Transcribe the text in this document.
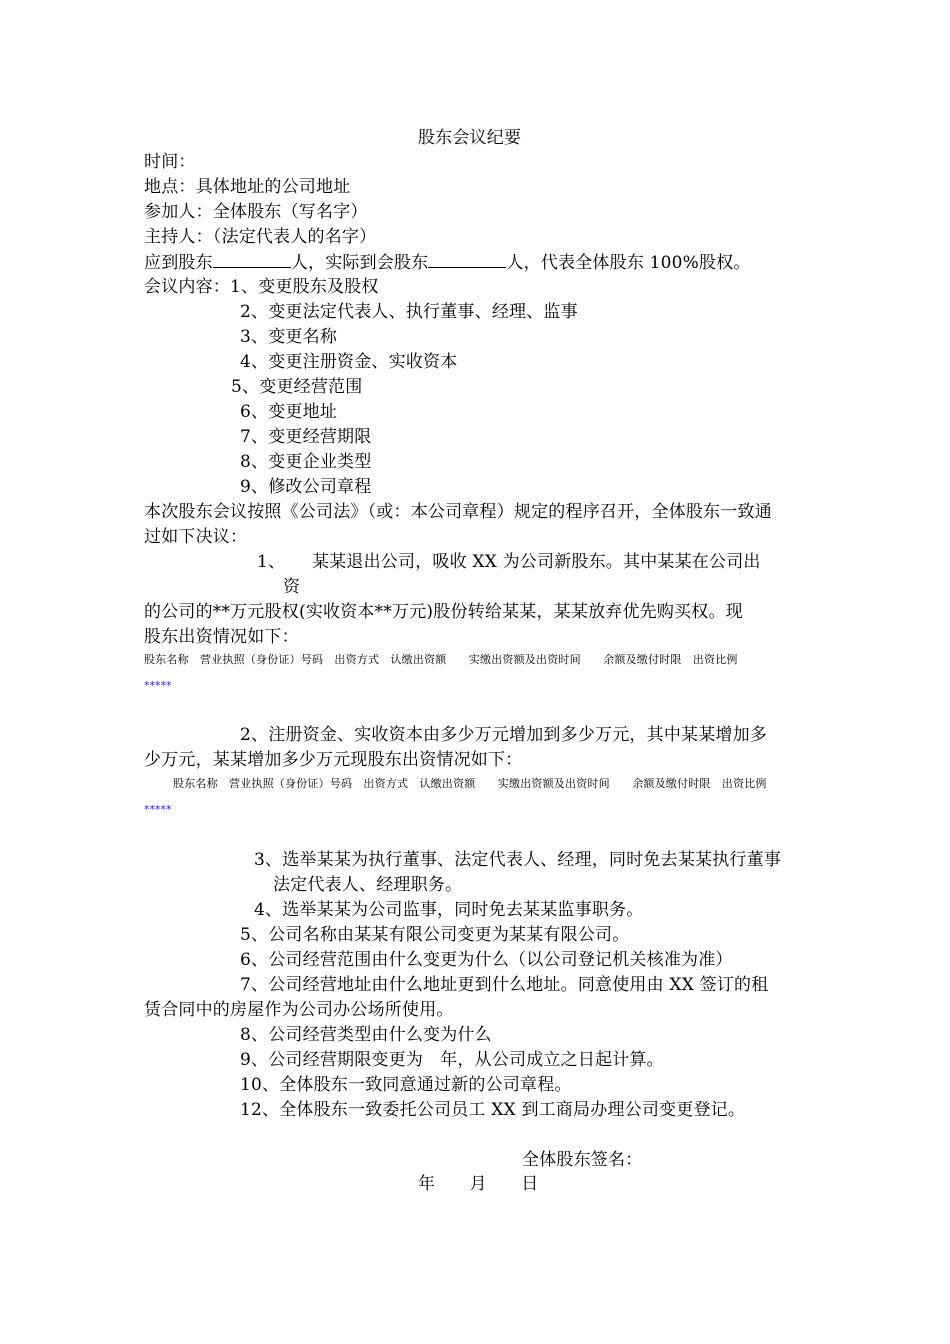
股东会议纪要
时间：
地点：具体地址的公司地址
参加人：全体股东（写名字）
主持人：（法定代表人的名字）
应到股东	人，实际到会股东	人，代表全体股东 100%股权。
会议内容：1、变更股东及股权
2、变更法定代表人、执行董事、经理、监事
3、变更名称
4、变更注册资金、实收资本
5、变更经营范围
6、变更地址
7、变更经营期限
8、变更企业类型
9、修改公司章程
本次股东会议按照《公司法》（或：本公司章程）规定的程序召开，全体股东一致通
过如下决议：
1、 某某退出公司，吸收 XX 为公司新股东。其中某某在公司出
资
的公司的**万元股权(实收资本**万元)股份转给某某，某某放弃优先购买权。现
股东出资情况如下：
股东名称　营业执照（身份证）号码　出资方式　认缴出资额　　实缴出资额及出资时间　　余额及缴付时限　出资比例
*****
2、注册资金、实收资本由多少万元增加到多少万元，其中某某增加多
少万元，某某增加多少万元现股东出资情况如下：
股东名称　营业执照（身份证）号码　出资方式　认缴出资额　　实缴出资额及出资时间　　余额及缴付时限　出资比例
*****
3、选举某某为执行董事、法定代表人、经理，同时免去某某执行董事
法定代表人、经理职务。
4、选举某某为公司监事，同时免去某某监事职务。
5、公司名称由某某有限公司变更为某某有限公司。
6、公司经营范围由什么变更为什么（以公司登记机关核准为准）
7、公司经营地址由什么地址更到什么地址。同意使用由 XX 签订的租
赁合同中的房屋作为公司办公场所使用。
8、公司经营类型由什么变为什么
9、公司经营期限变更为　年，从公司成立之日起计算。
10、全体股东一致同意通过新的公司章程。
12、全体股东一致委托公司员工 XX 到工商局办理公司变更登记。
全体股东签名：
年　　月　　日
